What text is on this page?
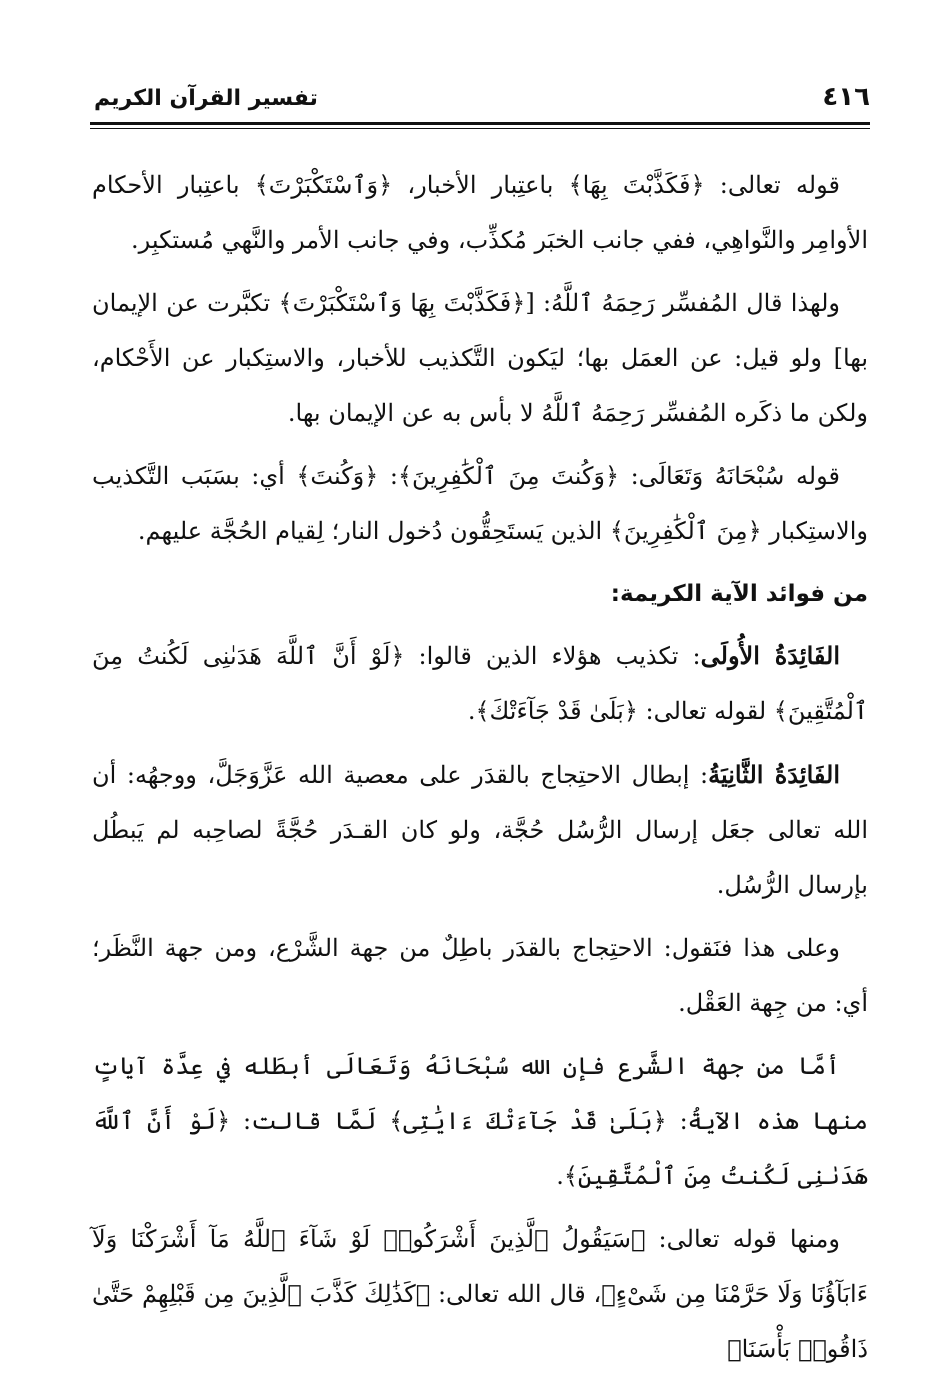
٤١٦
تفسير القرآن الكريم

قوله تعالى: ﴿فَكَذَّبْتَ بِهَا﴾ باعتِبار الأخبار، ﴿وَٱسْتَكْبَرْتَ﴾ باعتِبار الأحكام الأوامِر والنَّواهِي، ففي جانب الخبَر مُكذِّب، وفي جانب الأمر والنَّهي مُستكبِر.

ولهذا قال المُفسِّر رَحِمَهُ ٱللَّهُ: [﴿فَكَذَّبْتَ بِهَا وَٱسْتَكْبَرْتَ﴾ تكبَّرت عن الإيمان بها] ولو قيل: عن العمَل بها؛ ليَكون التَّكذيب للأخبار، والاستِكبار عن الأَحْكام، ولكن ما ذكَره المُفسِّر رَحِمَهُ ٱللَّهُ لا بأس به عن الإيمان بها.

قوله سُبْحَانَهُ وَتَعَالَى: ﴿وَكُنتَ مِنَ ٱلْكَٰفِرِينَ﴾: ﴿وَكُنتَ﴾ أي: بسَبَب التَّكذيب والاستِكبار ﴿مِنَ ٱلْكَٰفِرِينَ﴾ الذين يَستَحِقُّون دُخول النار؛ لِقيام الحُجَّة عليهم.

من فوائد الآية الكريمة:

الفَائِدَةُ الأُولَى: تكذيب هؤلاء الذين قالوا: ﴿لَوْ أَنَّ ٱللَّهَ هَدَىٰنِى لَكُنتُ مِنَ ٱلْمُتَّقِينَ﴾ لقوله تعالى: ﴿بَلَىٰ قَدْ جَآءَتْكَ﴾.

الفَائِدَةُ الثَّانِيَةُ: إبطال الاحتِجاج بالقدَر على معصية الله عَزَّوَجَلَّ، ووجهُه: أن الله تعالى جعَل إرسال الرُّسُل حُجَّة، ولو كان القـدَر حُجَّةً لصاحِبه لم يَبطُل بإرسال الرُّسُل.

وعلى هذا فنَقول: الاحتِجاج بالقدَر باطِلٌ من جهة الشَّرْع، ومن جهة النَّظَر؛ أي: من جِهة العَقْل.

أمَّا من جهة الشَّرع فإن الله سُبْحَانَهُ وَتَعَالَى أبطَله في عِدَّة آياتٍ منها هذه الآيةُ: ﴿بَلَىٰ قَدْ جَآءَتْكَ ءَايَٰتِى﴾ لَمَّا قالت: ﴿لَوْ أَنَّ ٱللَّهَ هَدَىٰنِى لَكُنتُ مِنَ ٱلْمُتَّقِينَ﴾.

ومنها قوله تعالى: ﴿سَيَقُولُ ٱلَّذِينَ أَشْرَكُوا۟ لَوْ شَآءَ ٱللَّهُ مَآ أَشْرَكْنَا وَلَآ ءَابَآؤُنَا وَلَا حَرَّمْنَا مِن شَىْءٍ﴾، قال الله تعالى: ﴿كَذَٰلِكَ كَذَّبَ ٱلَّذِينَ مِن قَبْلِهِمْ حَتَّىٰ ذَاقُوا۟ بَأْسَنَا﴾
